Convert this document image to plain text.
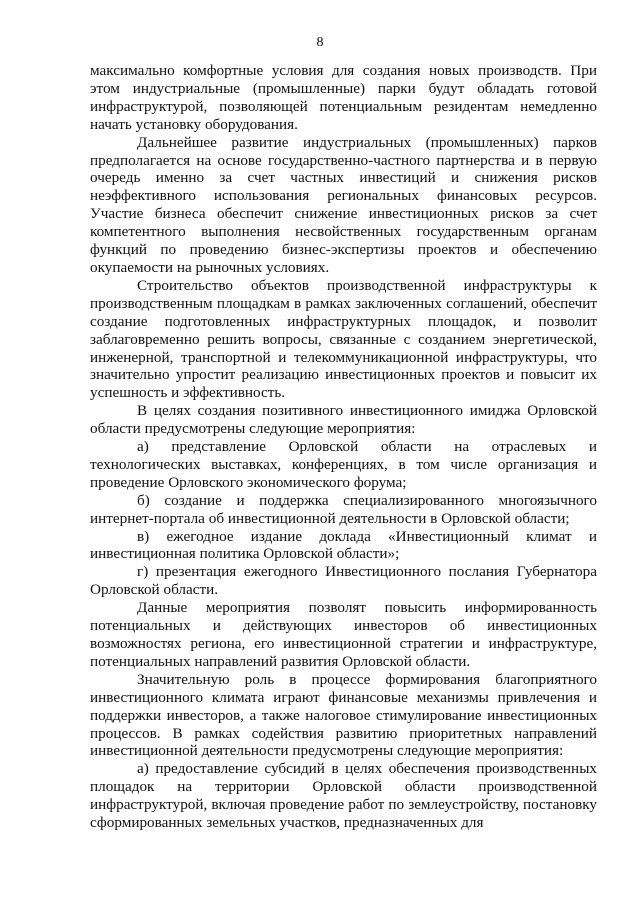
8

максимально комфортные условия для создания новых производств. При этом индустриальные (промышленные) парки будут обладать готовой инфраструктурой, позволяющей потенциальным резидентам немедленно начать установку оборудования.

Дальнейшее развитие индустриальных (промышленных) парков предполагается на основе государственно-частного партнерства и в первую очередь именно за счет частных инвестиций и снижения рисков неэффективного использования региональных финансовых ресурсов. Участие бизнеса обеспечит снижение инвестиционных рисков за счет компетентного выполнения несвойственных государственным органам функций по проведению бизнес-экспертизы проектов и обеспечению окупаемости на рыночных условиях.

Строительство объектов производственной инфраструктуры к производственным площадкам в рамках заключенных соглашений, обеспечит создание подготовленных инфраструктурных площадок, и позволит заблаговременно решить вопросы, связанные с созданием энергетической, инженерной, транспортной и телекоммуникационной инфраструктуры, что значительно упростит реализацию инвестиционных проектов и повысит их успешность и эффективность.

В целях создания позитивного инвестиционного имиджа Орловской области предусмотрены следующие мероприятия:

а) представление Орловской области на отраслевых и технологических выставках, конференциях, в том числе организация и проведение Орловского экономического форума;

б) создание и поддержка специализированного многоязычного интернет-портала об инвестиционной деятельности в Орловской области;

в) ежегодное издание доклада «Инвестиционный климат и инвестиционная политика Орловской области»;

г) презентация ежегодного Инвестиционного послания Губернатора Орловской области.

Данные мероприятия позволят повысить информированность потенциальных и действующих инвесторов об инвестиционных возможностях региона, его инвестиционной стратегии и инфраструктуре, потенциальных направлений развития Орловской области.

Значительную роль в процессе формирования благоприятного инвестиционного климата играют финансовые механизмы привлечения и поддержки инвесторов, а также налоговое стимулирование инвестиционных процессов. В рамках содействия развитию приоритетных направлений инвестиционной деятельности предусмотрены следующие мероприятия:

а) предоставление субсидий в целях обеспечения производственных площадок на территории Орловской области производственной инфраструктурой, включая проведение работ по землеустройству, постановку сформированных земельных участков, предназначенных для
